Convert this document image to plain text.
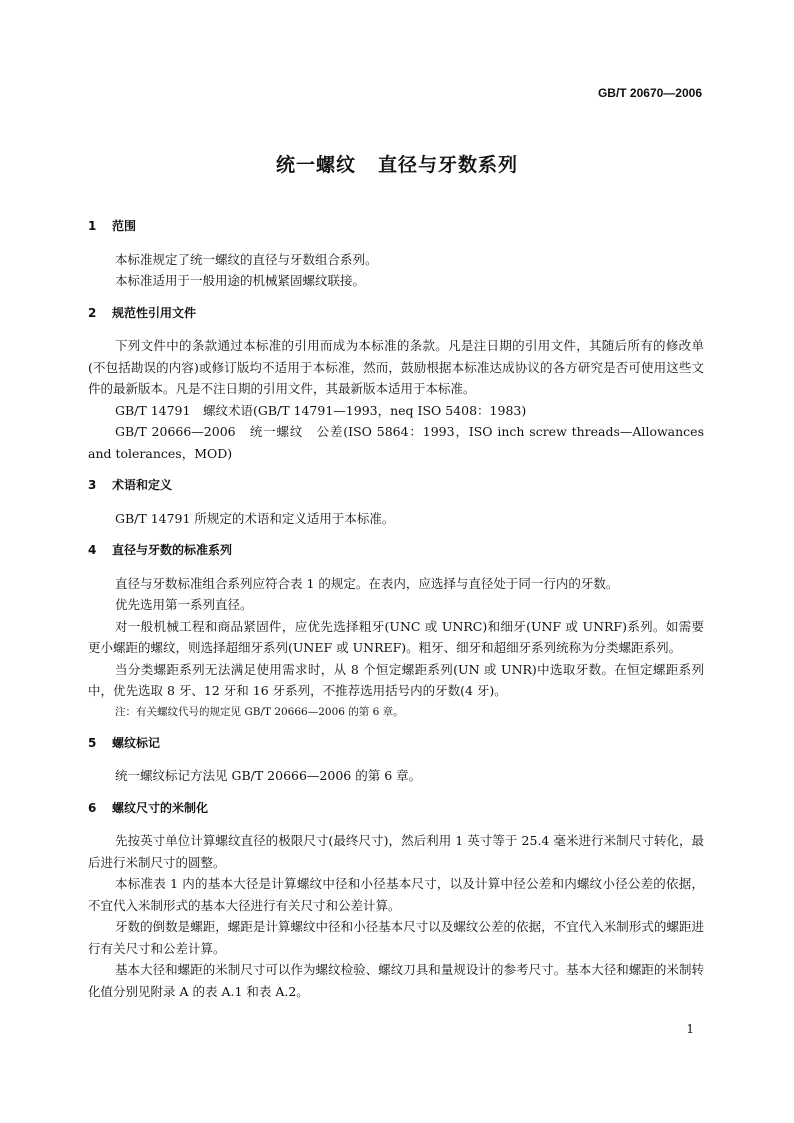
GB/T 20670—2006
统一螺纹 直径与牙数系列
1 范围

本标准规定了统一螺纹的直径与牙数组合系列。

本标准适用于一般用途的机械紧固螺纹联接。

2 规范性引用文件

下列文件中的条款通过本标准的引用而成为本标准的条款。凡是注日期的引用文件，其随后所有的修改单(不包括勘误的内容)或修订版均不适用于本标准，然而，鼓励根据本标准达成协议的各方研究是否可使用这些文件的最新版本。凡是不注日期的引用文件，其最新版本适用于本标准。

GB/T 14791　螺纹术语(GB/T 14791—1993，neq ISO 5408：1983)

GB/T 20666—2006　统一螺纹　公差(ISO 5864：1993，ISO inch screw threads—Allowances and tolerances，MOD)

3 术语和定义

GB/T 14791 所规定的术语和定义适用于本标准。

4 直径与牙数的标准系列

直径与牙数标准组合系列应符合表 1 的规定。在表内，应选择与直径处于同一行内的牙数。

优先选用第一系列直径。

对一般机械工程和商品紧固件，应优先选择粗牙(UNC 或 UNRC)和细牙(UNF 或 UNRF)系列。如需要更小螺距的螺纹，则选择超细牙系列(UNEF 或 UNREF)。粗牙、细牙和超细牙系列统称为分类螺距系列。

当分类螺距系列无法满足使用需求时，从 8 个恒定螺距系列(UN 或 UNR)中选取牙数。在恒定螺距系列中，优先选取 8 牙、12 牙和 16 牙系列，不推荐选用括号内的牙数(4 牙)。

注：有关螺纹代号的规定见 GB/T 20666—2006 的第 6 章。

5 螺纹标记

统一螺纹标记方法见 GB/T 20666—2006 的第 6 章。

6 螺纹尺寸的米制化

先按英寸单位计算螺纹直径的极限尺寸(最终尺寸)，然后利用 1 英寸等于 25.4 毫米进行米制尺寸转化，最后进行米制尺寸的圆整。

本标准表 1 内的基本大径是计算螺纹中径和小径基本尺寸，以及计算中径公差和内螺纹小径公差的依据，不宜代入米制形式的基本大径进行有关尺寸和公差计算。

牙数的倒数是螺距，螺距是计算螺纹中径和小径基本尺寸以及螺纹公差的依据，不宜代入米制形式的螺距进行有关尺寸和公差计算。

基本大径和螺距的米制尺寸可以作为螺纹检验、螺纹刀具和量规设计的参考尺寸。基本大径和螺距的米制转化值分别见附录 A 的表 A.1 和表 A.2。

1
